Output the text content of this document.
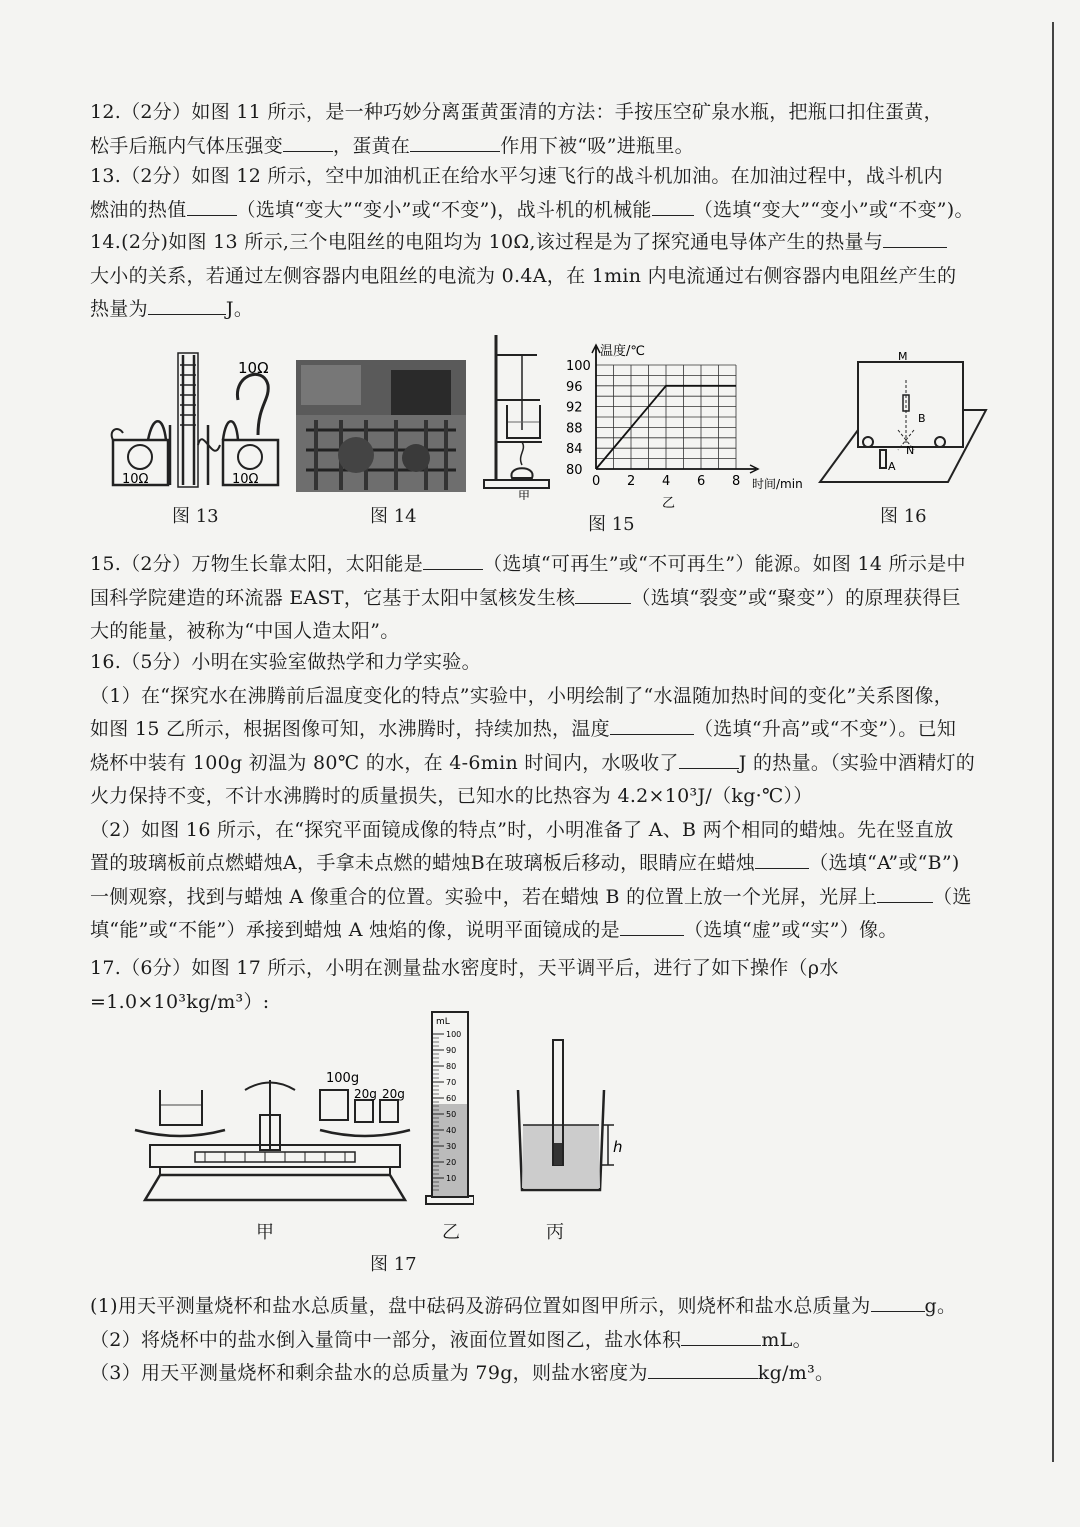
12.（2分）如图 11 所示，是一种巧妙分离蛋黄蛋清的方法：手按压空矿泉水瓶，把瓶口扣住蛋黄，

松手后瓶内气体压强变	，蛋黄在	作用下被“吸”进瓶里。

13.（2分）如图 12 所示，空中加油机正在给水平匀速飞行的战斗机加油。在加油过程中，战斗机内

燃油的热值	（选填“变大”“变小”或“不变”)，战斗机的机械能 （选填“变大”“变小”或“不变”)。

14.(2分)如图 13 所示,三个电阻丝的电阻均为 10Ω,该过程是为了探究通电导体产生的热量与

大小的关系，若通过左侧容器内电阻丝的电流为 0.4A，在 1min 内电流通过右侧容器内电阻丝产生的

热量为	J。

10Ω
10Ω	10Ω
图 13	图 14
甲
0 2 4 6 8
80
84
88
92
96
100
温度/℃
时间/min
乙
图 15
M
B
N
A
图 16

15.（2分）万物生长靠太阳，太阳能是	（选填“可再生”或“不可再生”）能源。如图 14 所示是中

国科学院建造的环流器 EAST，它基于太阳中氢核发生核	（选填“裂变”或“聚变”）的原理获得巨

大的能量，被称为“中国人造太阳”。

16.（5分）小明在实验室做热学和力学实验。

（1）在“探究水在沸腾前后温度变化的特点”实验中，小明绘制了“水温随加热时间的变化”关系图像，

如图 15 乙所示，根据图像可知，水沸腾时，持续加热，温度	（选填“升高”或“不变”）。已知

烧杯中装有 100g 初温为 80℃ 的水，在 4-6min 时间内，水吸收了	J 的热量。（实验中酒精灯的

火力保持不变，不计水沸腾时的质量损失，已知水的比热容为 4.2×10³J/（kg·℃））

（2）如图 16 所示，在“探究平面镜成像的特点”时，小明准备了 A、B 两个相同的蜡烛。先在竖直放

置的玻璃板前点燃蜡烛A，手拿未点燃的蜡烛B在玻璃板后移动，眼睛应在蜡烛	（选填“A”或“B”)

一侧观察，找到与蜡烛 A 像重合的位置。实验中，若在蜡烛 B 的位置上放一个光屏，光屏上	（选

填“能”或“不能”）承接到蜡烛 A 烛焰的像，说明平面镜成的是	（选填“虚”或“实”）像。

17.（6分）如图 17 所示，小明在测量盐水密度时，天平调平后，进行了如下操作（ρ水=1.0×10³kg/m³）:

100g
20g 20g
100
90
80
70
60
50
40
30
20
10
mL
h
甲	乙	丙
图 17

(1)用天平测量烧杯和盐水总质量，盘中砝码及游码位置如图甲所示，则烧杯和盐水总质量为	g。

（2）将烧杯中的盐水倒入量筒中一部分，液面位置如图乙，盐水体积	mL。

（3）用天平测量烧杯和剩余盐水的总质量为 79g，则盐水密度为	kg/m³。
